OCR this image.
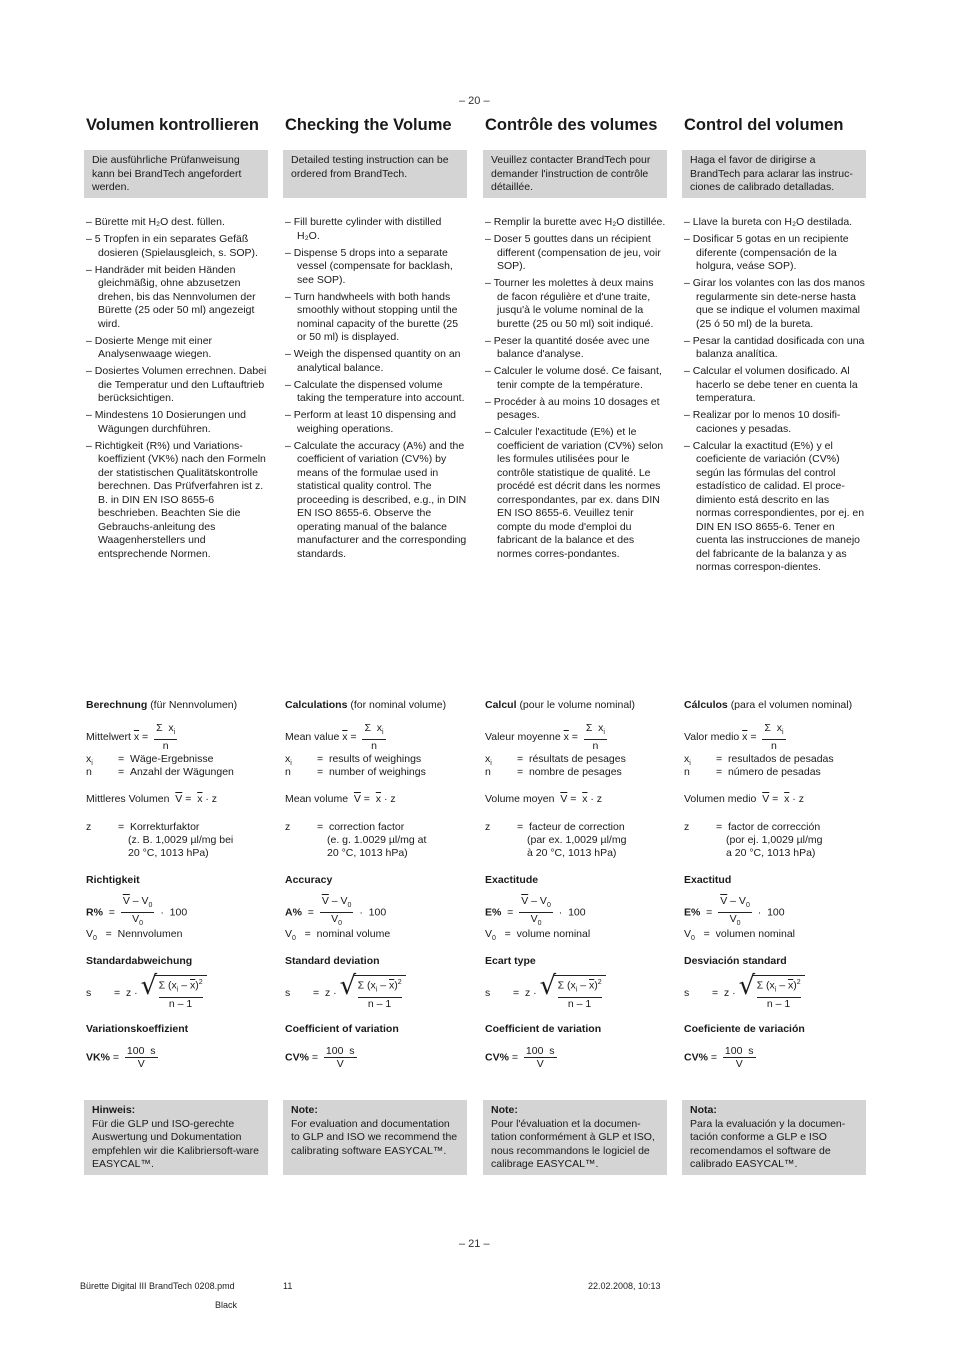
– 20 –
Volumen kontrollieren
Die ausführliche Prüfanweisung kann bei BrandTech angefordert werden.
– Bürette mit H₂O dest. füllen.
– 5 Tropfen in ein separates Gefäß dosieren (Spielausgleich, s. SOP).
– Handräder mit beiden Händen gleichmäßig, ohne abzusetzen drehen, bis das Nennvolumen der Bürette (25 oder 50 ml) angezeigt wird.
– Dosierte Menge mit einer Analysenwaage wiegen.
– Dosiertes Volumen errechnen. Dabei die Temperatur und den Luftauftrieb berücksichtigen.
– Mindestens 10 Dosierungen und Wägungen durchführen.
– Richtigkeit (R%) und Variations-koeffizient (VK%) nach den Formeln der statistischen Qualitätskontrolle berechnen. Das Prüfverfahren ist z. B. in DIN EN ISO 8655-6 beschrieben. Beachten Sie die Gebrauchs-anleitung des Waagenherstellers und entsprechende Normen.
Berechnung (für Nennvolumen)
Mittelwert $\overline{x} = \frac{\Sigma x_i}{n}$
$x_i$ =  Wäge-Ergebnisse
n =  Anzahl der Wägungen
Mittleres Volumen $\overline{V} = \overline{x} \cdot z$
z	=  Korrekturfaktor
(z. B. 1,0029 µl/mg bei
20 °C, 1013 hPa)
Richtigkeit
$R\% = \frac{\overline{V} - V_0}{V_0} \cdot 100$
$V_0$   =  Nennvolumen
Standardabweichung
s =  z · √
$\frac{\Sigma (x_i - \overline{x})^2}{n - 1}$
Variationskoeffizient
$VK\% = \frac{100 s}{V}$
Hinweis:
Für die GLP und ISO-gerechte Auswertung und Dokumentation empfehlen wir die Kalibriersoft-ware EASYCAL™.
Checking the Volume
Detailed testing instruction can be ordered from BrandTech.
– Fill burette cylinder with distilled H₂O.
– Dispense 5 drops into a separate vessel (compensate for backlash, see SOP).
– Turn handwheels with both hands smoothly without stopping until the nominal capacity of the burette (25 or 50 ml) is displayed.
– Weigh the dispensed quantity on an analytical balance.
– Calculate the dispensed volume taking the temperature into account.
– Perform at least 10 dispensing and weighing operations.
– Calculate the accuracy (A%) and the coefficient of variation (CV%) by means of the formulae used in statistical quality control. The proceeding is described, e.g., in DIN EN ISO 8655-6. Observe the operating manual of the balance manufacturer and the corresponding standards.
Calculations (for nominal volume)
Mean value $\overline{x} = \frac{\Sigma x_i}{n}$
$x_i$ =  results of weighings
n =  number of weighings
Mean volume $\overline{V} = \overline{x} \cdot z$
z	=  correction factor
(e. g. 1.0029 µl/mg at
20 °C, 1013 hPa)
Accuracy
$A\% = \frac{\overline{V} - V_0}{V_0} \cdot 100$
$V_0$   =  nominal volume
Standard deviation
s =  z · √
$\frac{\Sigma (x_i - \overline{x})^2}{n - 1}$
Coefficient of variation
$CV\% = \frac{100 s}{V}$
Note:
For evaluation and documentation to GLP and ISO we recommend the calibrating software EASYCAL™.
Contrôle des volumes
Veuillez contacter BrandTech pour demander l'instruction de contrôle détaillée.
– Remplir la burette avec H₂O distillée.
– Doser 5 gouttes dans un récipient different (compensation de jeu, voir SOP).
– Tourner les molettes à deux mains de facon régulière et d'une traite, jusqu'à le volume nominal de la burette (25 ou 50 ml) soit indiqué.
– Peser la quantité dosée avec une balance d'analyse.
– Calculer le volume dosé. Ce faisant, tenir compte de la température.
– Procéder à au moins 10 dosages et pesages.
– Calculer l'exactitude (E%) et le coefficient de variation (CV%) selon les formules utilisées pour le contrôle statistique de qualité. Le procédé est décrit dans les normes correspondantes, par ex. dans DIN EN ISO 8655-6. Veuillez tenir compte du mode d'emploi du fabricant de la balance et des normes corres-pondantes.
Calcul (pour le volume nominal)
Valeur moyenne $\overline{x} = \frac{\Sigma x_i}{n}$
$x_i$ =  résultats de pesages
n =  nombre de pesages
Volume moyen $\overline{V} = \overline{x} \cdot z$
z	=  facteur de correction
(par ex. 1,0029 µl/mg
à 20 °C, 1013 hPa)
Exactitude
$E\% = \frac{\overline{V} - V_0}{V_0} \cdot 100$
$V_0$   =  volume nominal
Ecart type
s =  z · √
$\frac{\Sigma (x_i - \overline{x})^2}{n - 1}$
Coefficient de variation
$CV\% = \frac{100 s}{V}$
Note:
Pour l'évaluation et la documen-tation conformément à GLP et ISO, nous recommandons le logiciel de calibrage EASYCAL™.
Control del volumen
Haga el favor de dirigirse a BrandTech para aclarar las instruc-ciones de calibrado detalladas.
– Llave la bureta con H₂O destilada.
– Dosificar 5 gotas en un recipiente diferente (compensación de la holgura, veáse SOP).
– Girar los volantes con las dos manos regularmente sin dete-nerse hasta que se indique el volumen maximal (25 ó 50 ml) de la bureta.
– Pesar la cantidad dosificada con una balanza analítica.
– Calcular el volumen dosificado. Al hacerlo se debe tener en cuenta la temperatura.
– Realizar por lo menos 10 dosifi-caciones y pesadas.
– Calcular la exactitud (E%) y el coeficiente de variación (CV%) según las fórmulas del control estadístico de calidad. El proce-dimiento está descrito en las normas correspondientes, por ej. en DIN EN ISO 8655-6. Tener en cuenta las instrucciones de manejo del fabricante de la balanza y as normas correspon-dientes.
Cálculos (para el volumen nominal)
Valor medio $\overline{x} = \frac{\Sigma x_i}{n}$
$x_i$ =  resultados de pesadas
n =  número de pesadas
Volumen medio $\overline{V} = \overline{x} \cdot z$
z	=  factor de corrección
(por ej. 1,0029 µl/mg
a 20 °C, 1013 hPa)
Exactitud
$E\% = \frac{\overline{V} - V_0}{V_0} \cdot 100$
$V_0$   =  volumen nominal
Desviación standard
s =  z · √
$\frac{\Sigma (x_i - \overline{x})^2}{n - 1}$
Coeficiente de variación
$CV\% = \frac{100 s}{V}$
Nota:
Para la evaluación y la documen-tación conforme a GLP e ISO recomendamos el software de calibrado EASYCAL™.
– 21 –
Bürette Digital III BrandTech 0208.pmd	11	22.02.2008, 10:13
Black
